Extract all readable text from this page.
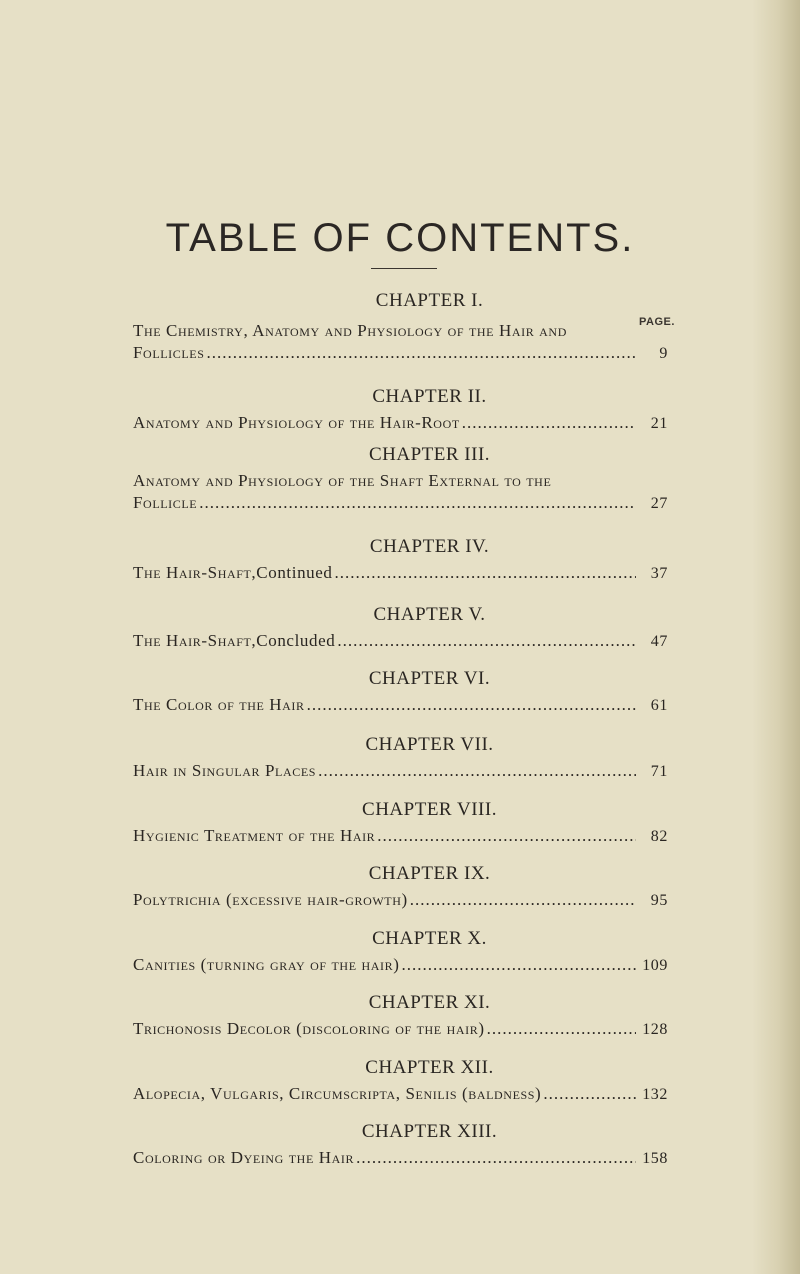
TABLE OF CONTENTS.
PAGE.
CHAPTER I.
The Chemistry, Anatomy and Physiology of the Hair and
Follicles .....	9
CHAPTER II.
Anatomy and Physiology of the Hair-Root .....	21
CHAPTER III.
Anatomy and Physiology of the Shaft External to the
Follicle .....	27
CHAPTER IV.
The Hair-Shaft, Continued .....	37
CHAPTER V.
The Hair-Shaft, Concluded .....	47
CHAPTER VI.
The Color of the Hair .....	61
CHAPTER VII.
Hair in Singular Places .....	71
CHAPTER VIII.
Hygienic Treatment of the Hair .....	82
CHAPTER IX.
Polytrichia (excessive hair-growth) .....	95
CHAPTER X.
Canities (turning gray of the hair) .....	109
CHAPTER XI.
Trichonosis Decolor (discoloring of the hair) .....	128
CHAPTER XII.
Alopecia, Vulgaris, Circumscripta, Senilis (baldness) .....	132
CHAPTER XIII.
Coloring or Dyeing the Hair .....	158
